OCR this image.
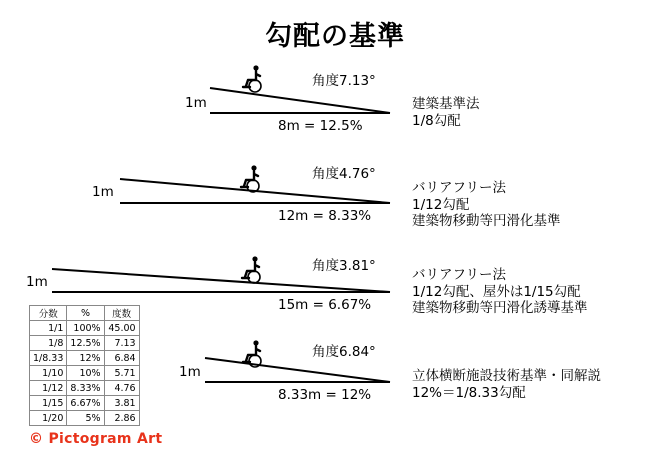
勾配の基準
角度7.13°
1m
8m = 12.5%
建築基準法
1/8勾配
角度4.76°
1m
12m = 8.33%
バリアフリー法
1/12勾配
建築物移動等円滑化基準
角度3.81°
1m
15m = 6.67%
バリアフリー法
1/12勾配、屋外は1/15勾配
建築物移動等円滑化誘導基準
角度6.84°
1m
8.33m = 12%
立体横断施設技術基準・同解説
12%＝1/8.33勾配
分数	%	度数
1/1	100%	45.00
1/8	12.5%	7.13
1/8.33	12%	6.84
1/10	10%	5.71
1/12	8.33%	4.76
1/15	6.67%	3.81
1/20	5%	2.86
© Pictogram Art
